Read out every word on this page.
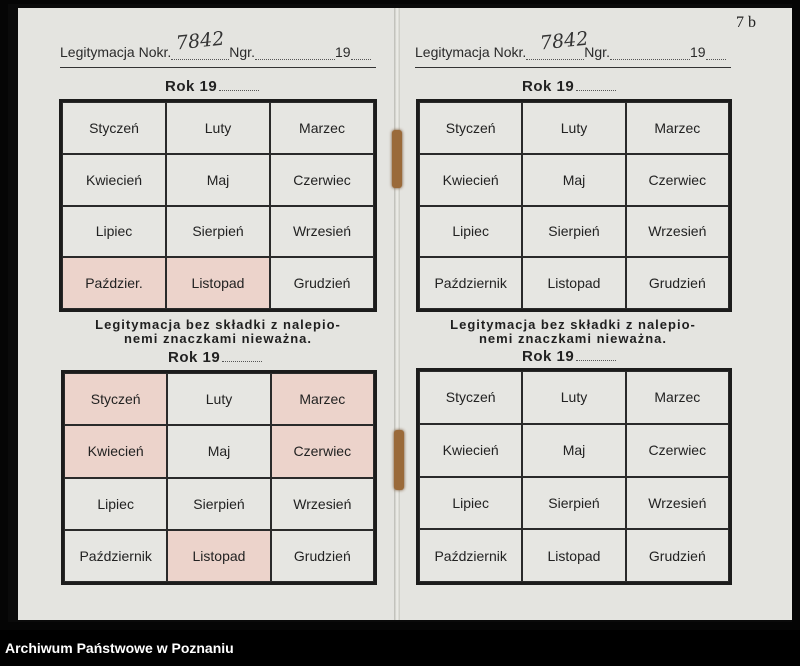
7 b
Legitymacja Nokr.	Ngr.	19
7842	Legitymacja Nokr.	Ngr.	19
7842
Rok 19	Rok 19
Rok 19	Rok 19
Styczeń	Luty	Marzec
Kwiecień	Maj	Czerwiec
Lipiec	Sierpień	Wrzesień
Paździer.	Listopad	Grudzień
Styczeń	Luty	Marzec
Kwiecień	Maj	Czerwiec
Lipiec	Sierpień	Wrzesień
Październik	Listopad	Grudzień
Styczeń	Luty	Marzec
Kwiecień	Maj	Czerwiec
Lipiec	Sierpień	Wrzesień
Październik	Listopad	Grudzień
Styczeń	Luty	Marzec
Kwiecień	Maj	Czerwiec
Lipiec	Sierpień	Wrzesień
Październik	Listopad	Grudzień
Legitymacja bez składki z nalepio-
nemi znaczkami nieważna.
Legitymacja bez składki z nalepio-
nemi znaczkami nieważna.
Archiwum Państwowe w Poznaniu
